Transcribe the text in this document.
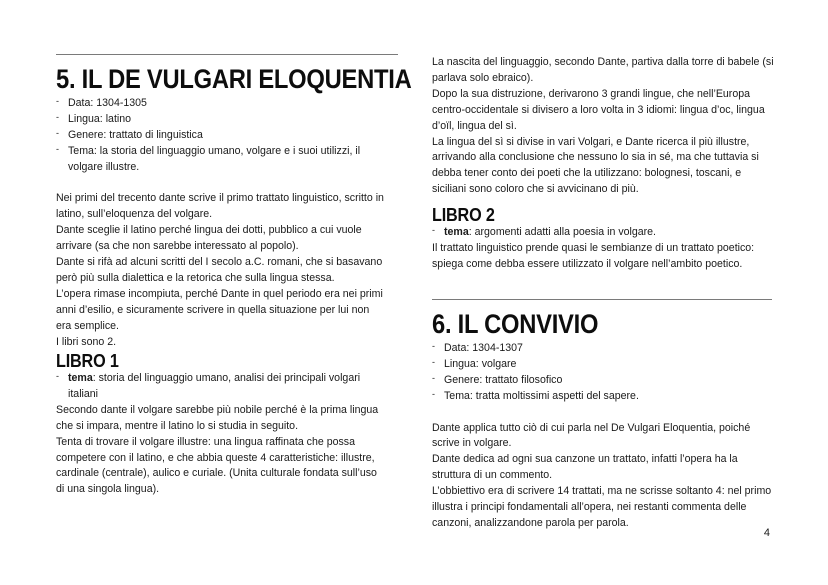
5. IL DE VULGARI ELOQUENTIA
- Data: 1304-1305
- Lingua: latino
- Genere: trattato di linguistica
- Tema: la storia del linguaggio umano, volgare e i suoi utilizzi, il volgare illustre.

Nei primi del trecento dante scrive il primo trattato linguistico, scritto in latino, sull’eloquenza del volgare.

Dante sceglie il latino perché lingua dei dotti, pubblico a cui vuole arrivare (sa che non sarebbe interessato al popolo).

Dante si rifà ad alcuni scritti del I secolo a.C. romani, che si basavano però più sulla dialettica e la retorica che sulla lingua stessa.

L’opera rimase incompiuta, perché Dante in quel periodo era nei primi anni d’esilio, e sicuramente scrivere in quella situazione per lui non era semplice.

I libri sono 2.

LIBRO 1
- tema: storia del linguaggio umano, analisi dei principali volgari italiani

Secondo dante il volgare sarebbe più nobile perché è la prima lingua che si impara, mentre il latino lo si studia in seguito.

Tenta di trovare il volgare illustre: una lingua raffinata che possa competere con il latino, e che abbia queste 4 caratteristiche: illustre, cardinale (centrale), aulico e curiale. (Unita culturale fondata sull’uso di una singola lingua).

La nascita del linguaggio, secondo Dante, partiva dalla torre di babele (si parlava solo ebraico).

Dopo la sua distruzione, derivarono 3 grandi lingue, che nell’Europa centro-occidentale si divisero a loro volta in 3 idiomi: lingua d’oc, lingua d’oïl, lingua del sì.

La lingua del sì si divise in vari Volgari, e Dante ricerca il più illustre, arrivando alla conclusione che nessuno lo sia in sé, ma che tuttavia si debba tener conto dei poeti che la utilizzano: bolognesi, toscani, e siciliani sono coloro che si avvicinano di più.

LIBRO 2
- tema: argomenti adatti alla poesia in volgare.

Il trattato linguistico prende quasi le sembianze di un trattato poetico: spiega come debba essere utilizzato il volgare nell’ambito poetico.

6. IL CONVIVIO
- Data: 1304-1307
- Lingua: volgare
- Genere: trattato filosofico
- Tema: tratta moltissimi aspetti del sapere.

Dante applica tutto ciò di cui parla nel De Vulgari Eloquentia, poiché scrive in volgare.

Dante dedica ad ogni sua canzone un trattato, infatti l’opera ha la struttura di un commento.

L’obbiettivo era di scrivere 14 trattati, ma ne scrisse soltanto 4: nel primo illustra i principi fondamentali all’opera, nei restanti commenta delle canzoni, analizzandone parola per parola.

4
